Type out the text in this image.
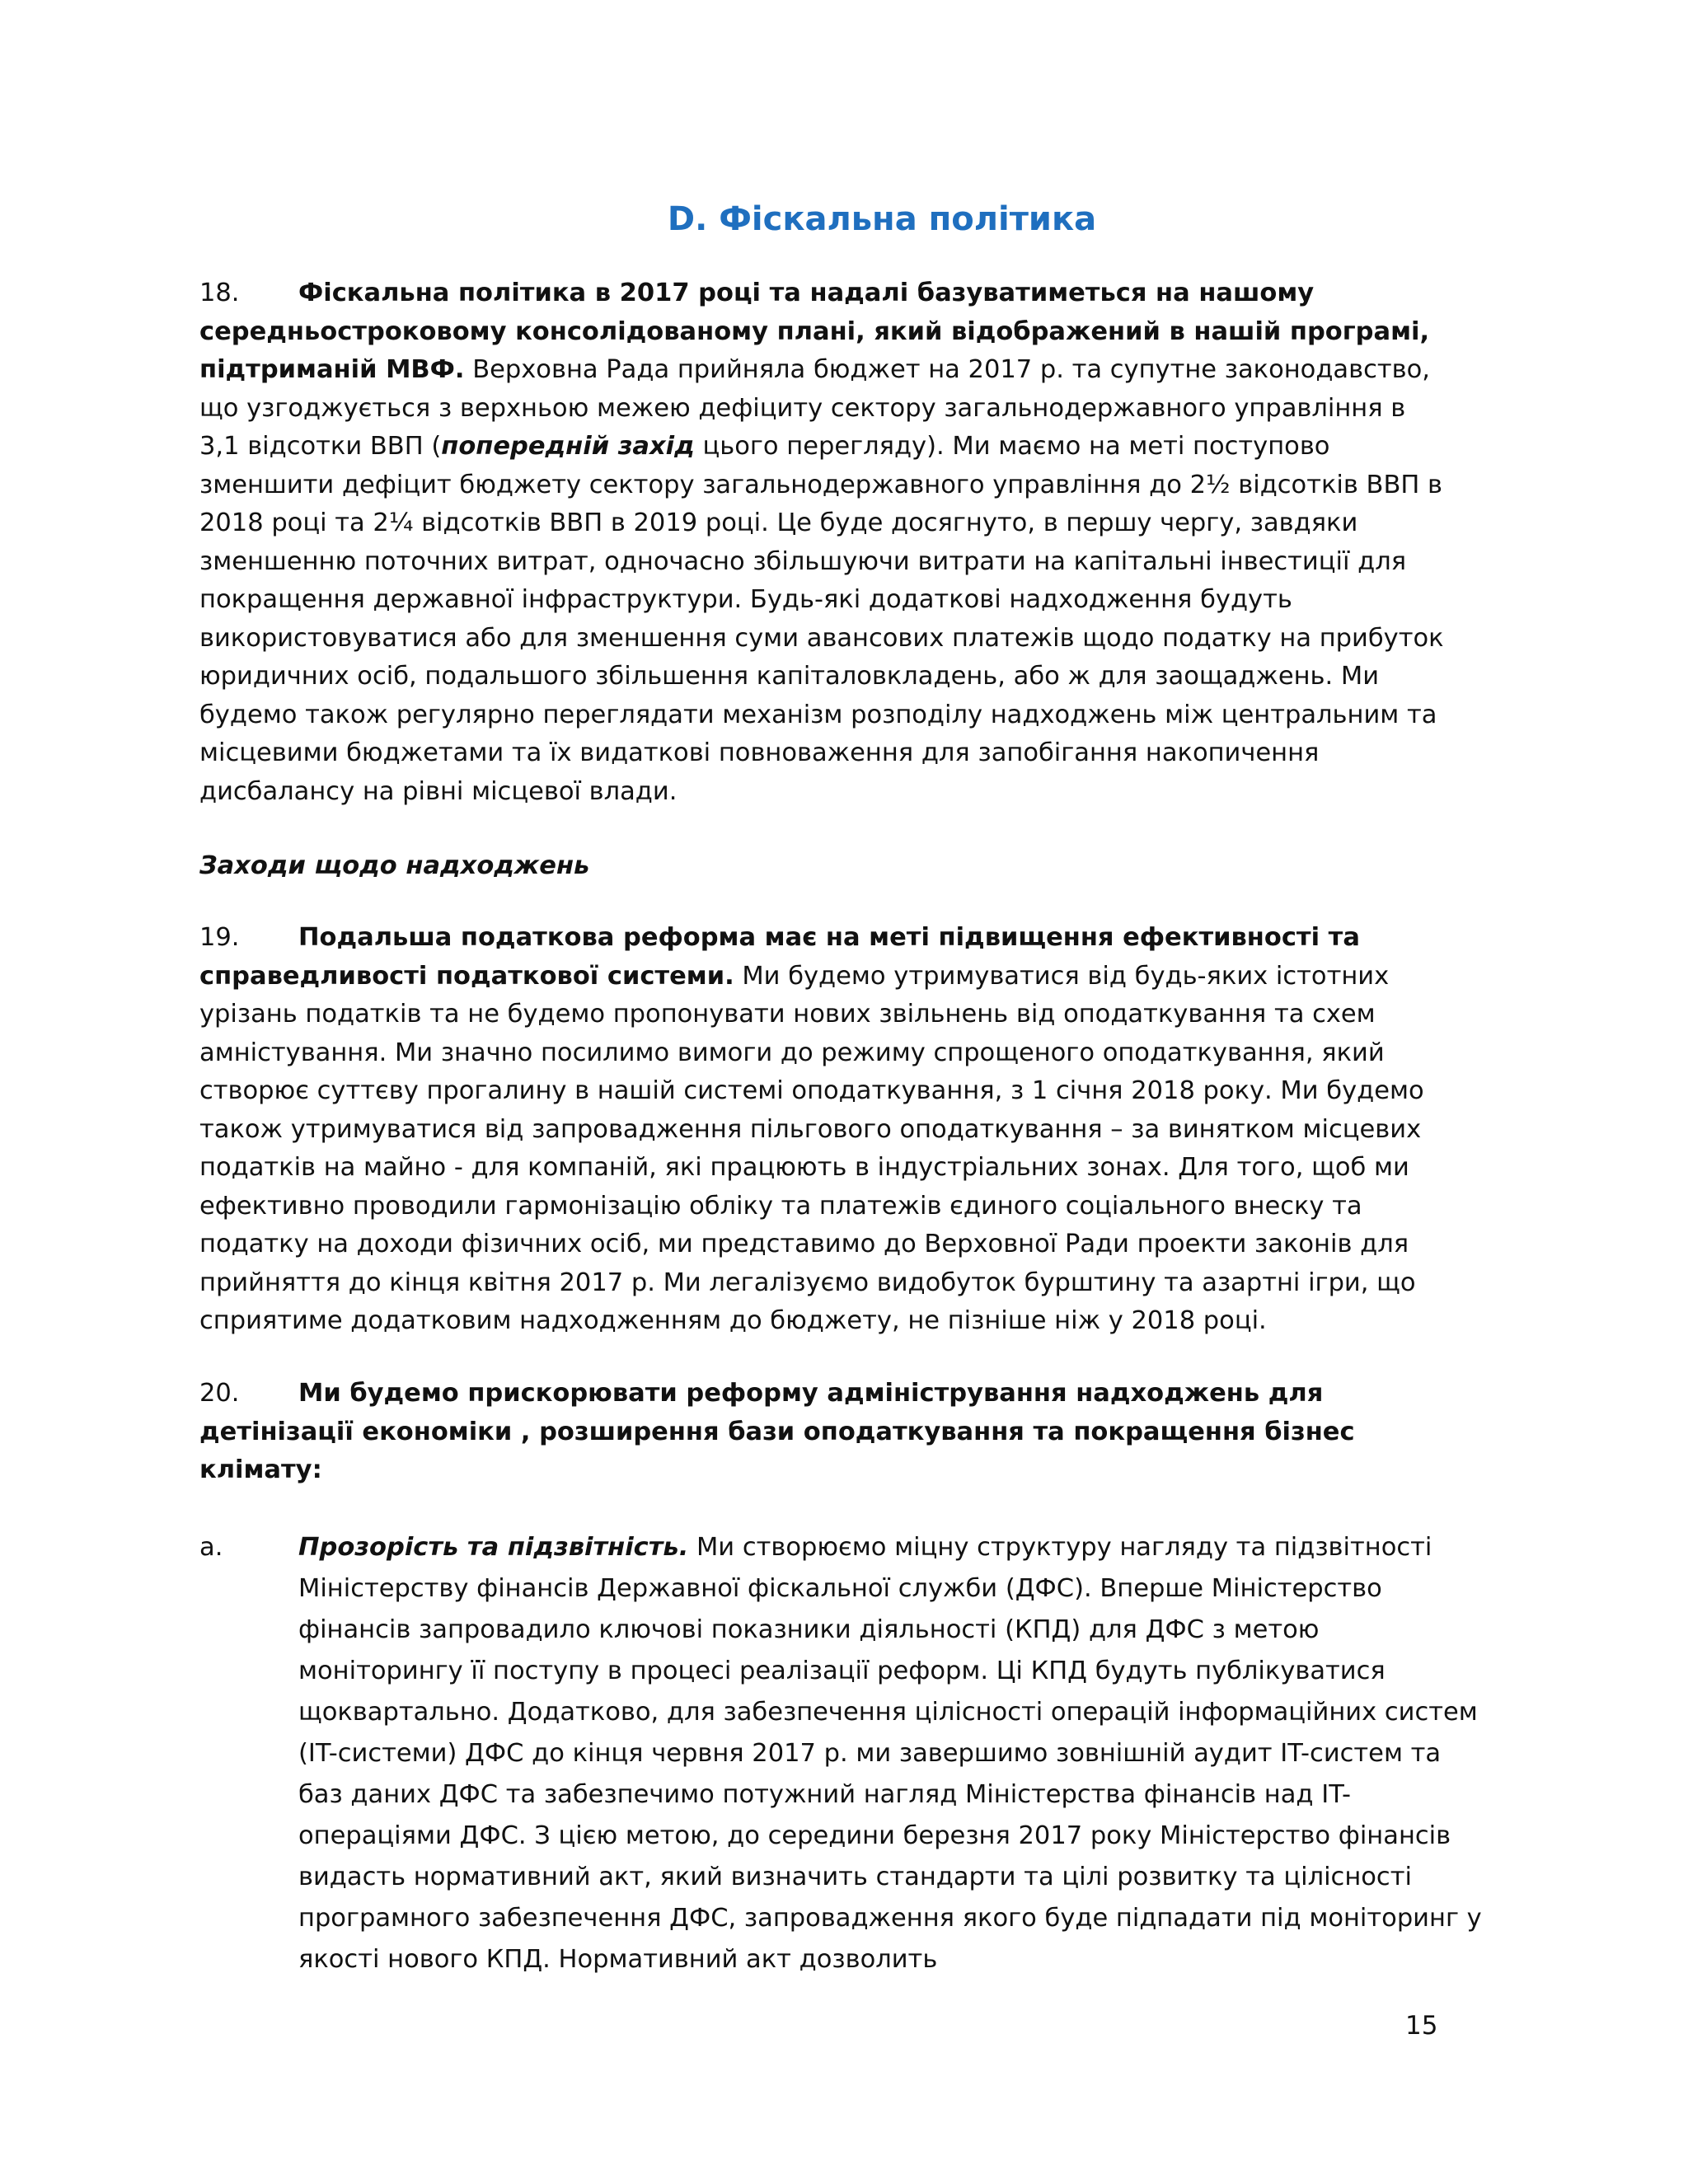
D. Фіскальна політика

18. Фіскальна політика в 2017 році та надалі базуватиметься на нашому середньостроковому консолідованому плані, який відображений в нашій програмі, підтриманій МВФ. Верховна Рада прийняла бюджет на 2017 р. та супутне законодавство, що узгоджується з верхньою межею дефіциту сектору загальнодержавного управління в 3,1 відсотки ВВП (попередній захід цього перегляду). Ми маємо на меті поступово зменшити дефіцит бюджету сектору загальнодержавного управління до 2½ відсотків ВВП в 2018 році та 2¼ відсотків ВВП в 2019 році. Це буде досягнуто, в першу чергу, завдяки зменшенню поточних витрат, одночасно збільшуючи витрати на капітальні інвестиції для покращення державної інфраструктури. Будь-які додаткові надходження будуть використовуватися або для зменшення суми авансових платежів щодо податку на прибуток юридичних осіб, подальшого збільшення капіталовкладень, або ж для заощаджень. Ми будемо також регулярно переглядати механізм розподілу надходжень між центральним та місцевими бюджетами та їх видаткові повноваження для запобігання накопичення дисбалансу на рівні місцевої влади.

Заходи щодо надходжень

19. Подальша податкова реформа має на меті підвищення ефективності та справедливості податкової системи. Ми будемо утримуватися від будь-яких істотних урізань податків та не будемо пропонувати нових звільнень від оподаткування та схем амністування. Ми значно посилимо вимоги до режиму спрощеного оподаткування, який створює суттєву прогалину в нашій системі оподаткування, з 1 січня 2018 року. Ми будемо також утримуватися від запровадження пільгового оподаткування – за винятком місцевих податків на майно - для компаній, які працюють в індустріальних зонах. Для того, щоб ми ефективно проводили гармонізацію обліку та платежів єдиного соціального внеску та податку на доходи фізичних осіб, ми представимо до Верховної Ради проекти законів для прийняття до кінця квітня 2017 р. Ми легалізуємо видобуток бурштину та азартні ігри, що сприятиме додатковим надходженням до бюджету, не пізніше ніж у 2018 році.

20. Ми будемо прискорювати реформу адміністрування надходжень для детінізації економіки , розширення бази оподаткування та покращення бізнес клімату:

a.	Прозорість та підзвітність. Ми створюємо міцну структуру нагляду та підзвітності Міністерству фінансів Державної фіскальної служби (ДФС). Вперше Міністерство фінансів запровадило ключові показники діяльності (КПД) для ДФС з метою моніторингу її поступу в процесі реалізації реформ. Ці КПД будуть публікуватися щоквартально. Додатково, для забезпечення цілісності операцій інформаційних систем (IT-системи) ДФС до кінця червня 2017 р. ми завершимо зовнішній аудит IT-систем та баз даних ДФС та забезпечимо потужний нагляд Міністерства фінансів над IT-операціями ДФС. З цією метою, до середини березня 2017 року Міністерство фінансів видасть нормативний акт, який визначить стандарти та цілі розвитку та цілісності програмного забезпечення ДФС, запровадження якого буде підпадати під моніторинг у якості нового КПД. Нормативний акт дозволить

15
